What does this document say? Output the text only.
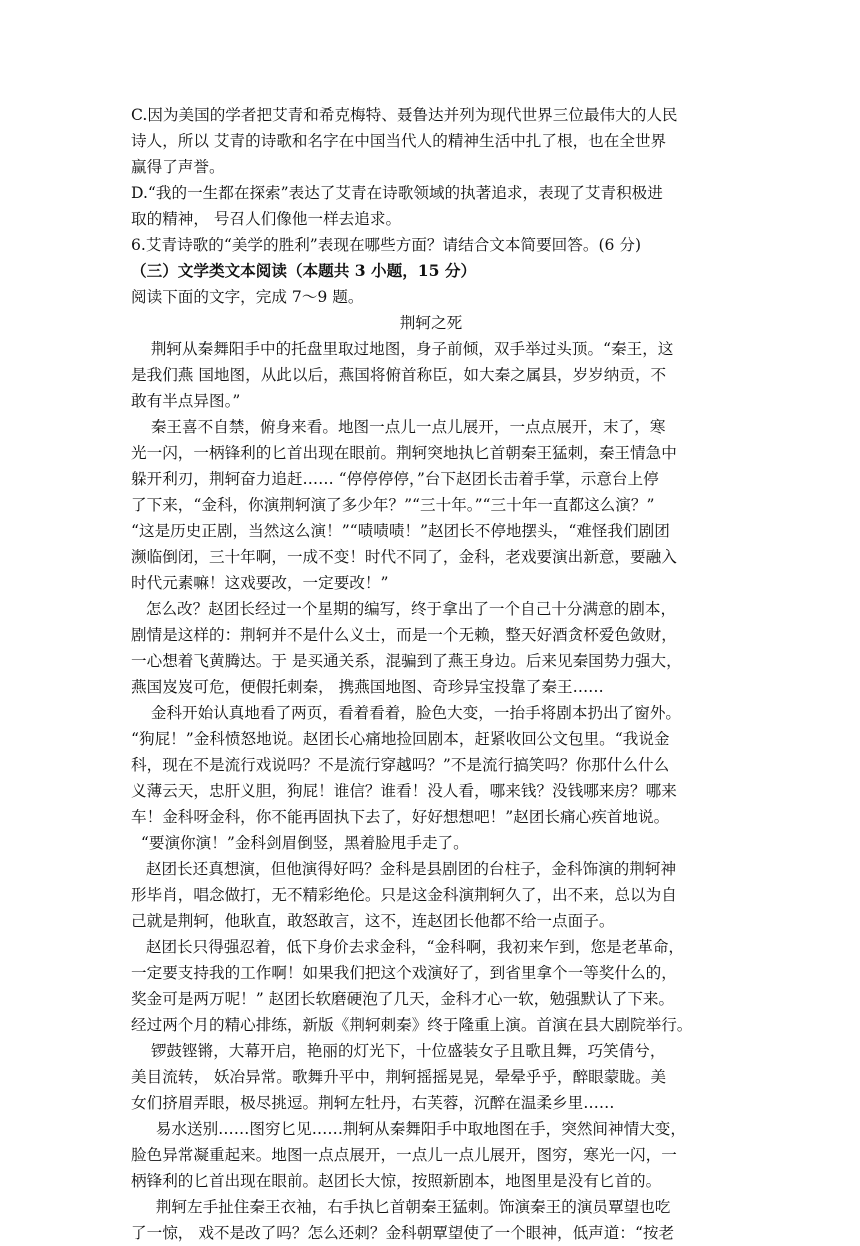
C.因为美国的学者把艾青和希克梅特、聂鲁达并列为现代世界三位最伟大的人民
诗人，所以 艾青的诗歌和名字在中国当代人的精神生活中扎了根，也在全世界
赢得了声誉。
D.“我的一生都在探索”表达了艾青在诗歌领域的执著追求，表现了艾青积极进
取的精神， 号召人们像他一样去追求。
6.艾青诗歌的“美学的胜利”表现在哪些方面？请结合文本简要回答。(6 分)
（三）文学类文本阅读（本题共 3 小题，15 分）
阅读下面的文字，完成 7～9 题。
荆轲之死
荆轲从秦舞阳手中的托盘里取过地图，身子前倾，双手举过头顶。“秦王，这
是我们燕 国地图，从此以后，燕国将俯首称臣，如大秦之属县，岁岁纳贡，不
敢有半点异图。”
秦王喜不自禁，俯身来看。地图一点儿一点儿展开，一点点展开，末了，寒
光一闪，一柄锋利的匕首出现在眼前。荆轲突地执匕首朝秦王猛刺，秦王情急中
躲开利刃，荆轲奋力追赶…… “停停停停，”台下赵团长击着手掌，示意台上停
了下来，“金科，你演荆轲演了多少年？”“三十年。”“三十年一直都这么演？”
“这是历史正剧，当然这么演！”“啧啧啧！”赵团长不停地摆头，“难怪我们剧团
濒临倒闭，三十年啊，一成不变！时代不同了，金科，老戏要演出新意，要融入
时代元素嘛！这戏要改，一定要改！”
怎么改？赵团长经过一个星期的编写，终于拿出了一个自己十分满意的剧本，
剧情是这样的：荆轲并不是什么义士，而是一个无赖，整天好酒贪杯爱色敛财，
一心想着飞黄腾达。于 是买通关系，混骗到了燕王身边。后来见秦国势力强大，
燕国岌岌可危，便假托刺秦， 携燕国地图、奇珍异宝投靠了秦王……
金科开始认真地看了两页，看着看着，脸色大变，一抬手将剧本扔出了窗外。
“狗屁！”金科愤怒地说。赵团长心痛地捡回剧本，赶紧收回公文包里。“我说金
科，现在不是流行戏说吗？不是流行穿越吗？”不是流行搞笑吗？你那什么什么
义薄云天，忠肝义胆，狗屁！谁信？谁看！没人看，哪来钱？没钱哪来房？哪来
车！金科呀金科，你不能再固执下去了，好好想想吧！”赵团长痛心疾首地说。
“要演你演！”金科剑眉倒竖，黑着脸甩手走了。
赵团长还真想演，但他演得好吗？金科是县剧团的台柱子，金科饰演的荆轲神
形毕肖，唱念做打，无不精彩绝伦。只是这金科演荆轲久了，出不来，总以为自
己就是荆轲，他耿直，敢怒敢言，这不，连赵团长他都不给一点面子。
赵团长只得强忍着，低下身价去求金科，“金科啊，我初来乍到，您是老革命，
一定要支持我的工作啊！如果我们把这个戏演好了，到省里拿个一等奖什么的，
奖金可是两万呢！” 赵团长软磨硬泡了几天，金科才心一软，勉强默认了下来。
经过两个月的精心排练，新版《荆轲刺秦》终于隆重上演。首演在县大剧院举行。
锣鼓铿锵，大幕开启，艳丽的灯光下，十位盛装女子且歌且舞，巧笑倩兮，
美目流转， 妖冶异常。歌舞升平中，荆轲摇摇晃晃，晕晕乎乎，醉眼蒙眬。美
女们挤眉弄眼，极尽挑逗。荆轲左牡丹，右芙蓉，沉醉在温柔乡里……
易水送别……图穷匕见……荆轲从秦舞阳手中取地图在手，突然间神情大变，
脸色异常凝重起来。地图一点点展开，一点儿一点儿展开，图穷，寒光一闪，一
柄锋利的匕首出现在眼前。赵团长大惊，按照新剧本，地图里是没有匕首的。
荆轲左手扯住秦王衣袖，右手执匕首朝秦王猛刺。饰演秦王的演员覃望也吃
了一惊， 戏不是改了吗？怎么还刺？金科朝覃望使了一个眼神，低声道：“按老
